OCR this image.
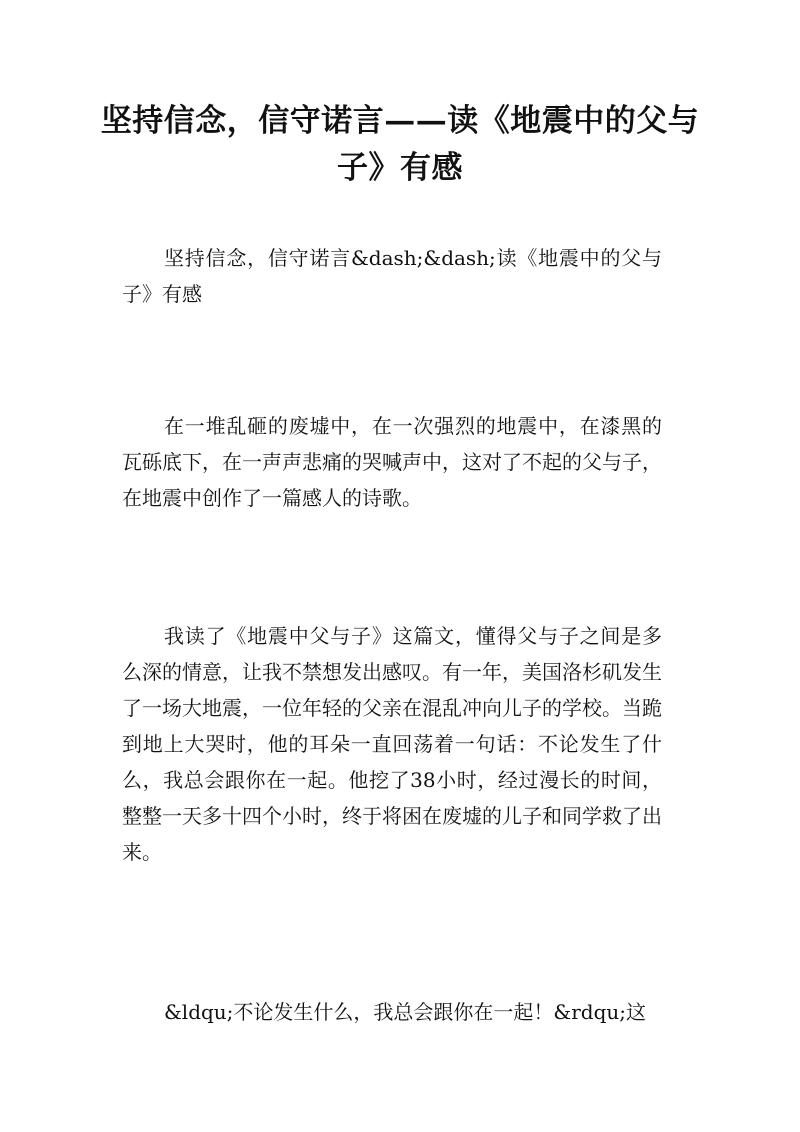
坚持信念，信守诺言——读《地震中的父与子》有感

坚持信念，信守诺言&dash;&dash;读《地震中的父与子》有感

在一堆乱砸的废墟中，在一次强烈的地震中，在漆黑的瓦砾底下，在一声声悲痛的哭喊声中，这对了不起的父与子，在地震中创作了一篇感人的诗歌。

我读了《地震中父与子》这篇文，懂得父与子之间是多么深的情意，让我不禁想发出感叹。有一年，美国洛杉矶发生了一场大地震，一位年轻的父亲在混乱冲向儿子的学校。当跪到地上大哭时，他的耳朵一直回荡着一句话：不论发生了什么，我总会跟你在一起。他挖了38小时，经过漫长的时间，整整一天多十四个小时，终于将困在废墟的儿子和同学救了出来。

&ldqu;不论发生什么，我总会跟你在一起！&rdqu;这
